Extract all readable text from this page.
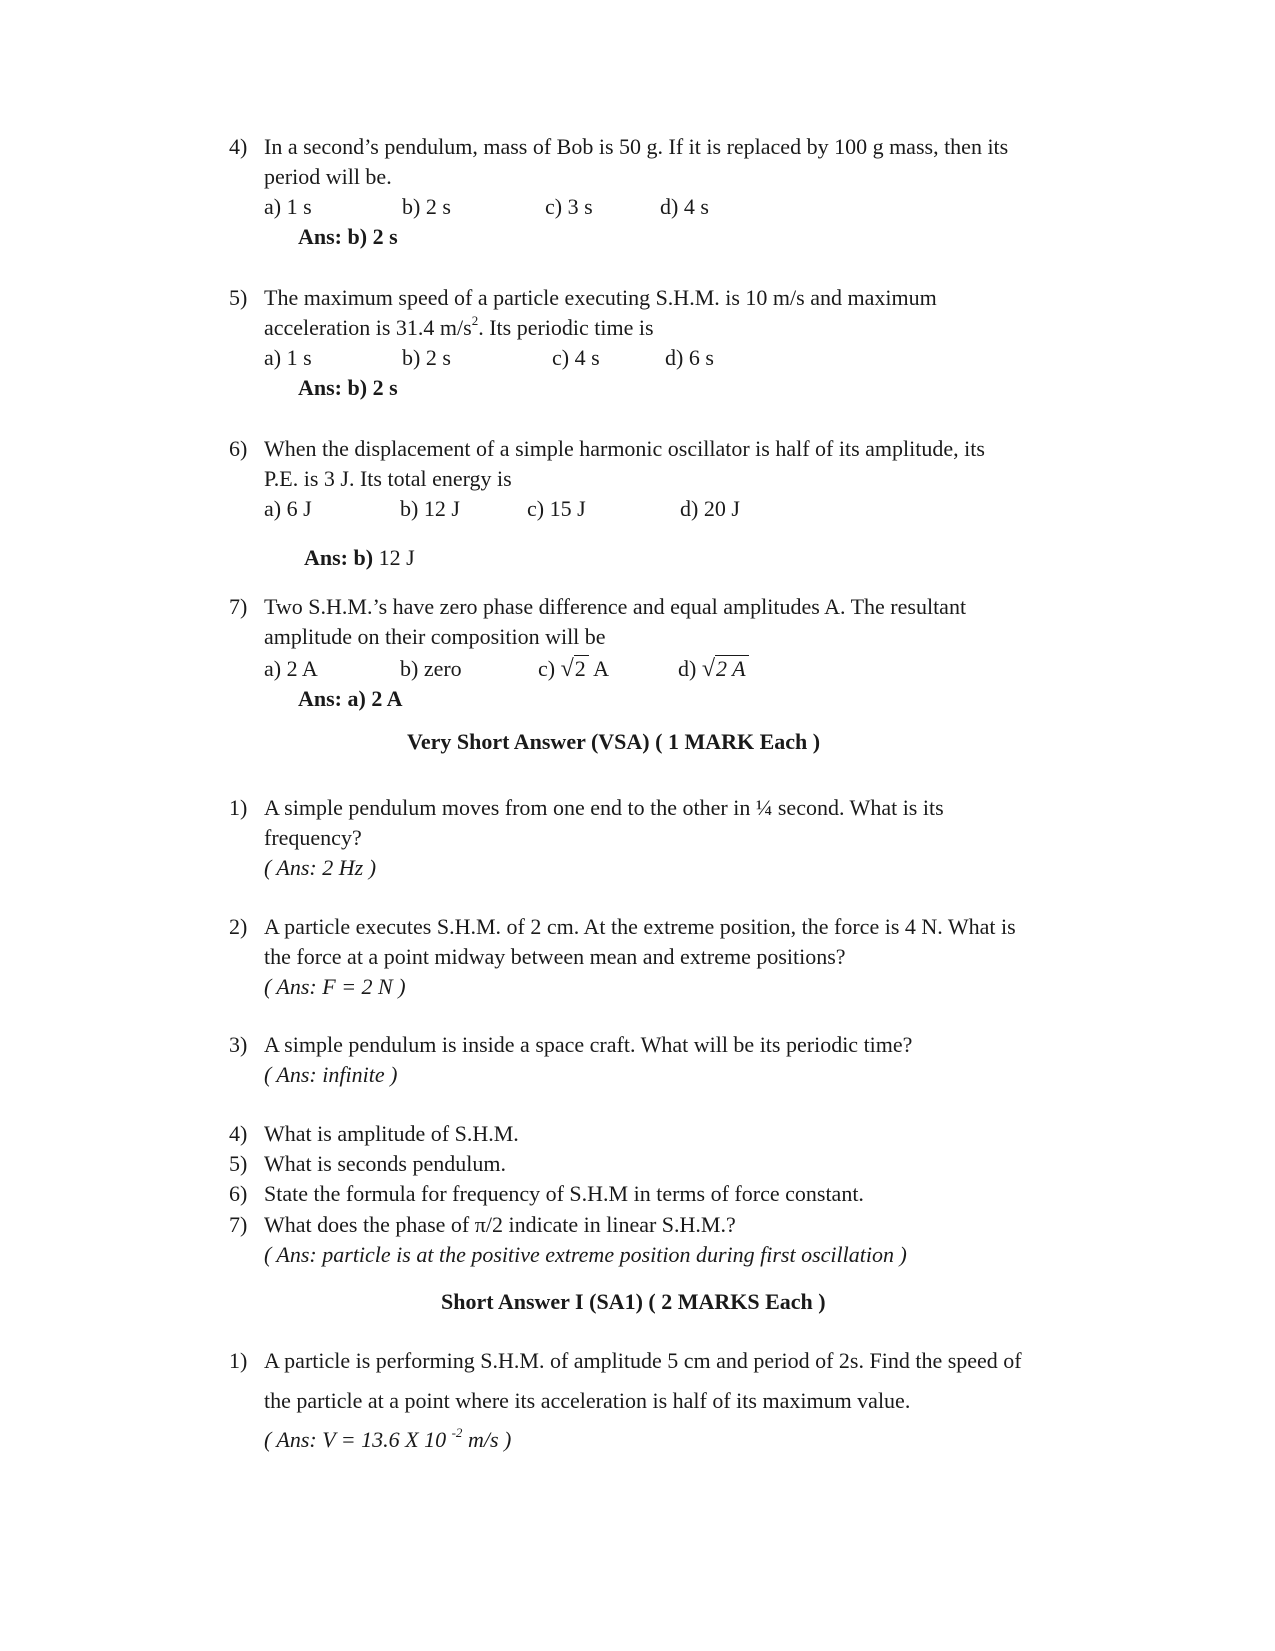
4) In a second’s pendulum, mass of Bob is 50 g. If it is replaced by 100 g mass, then its
period will be.
a) 1 s	b) 2 s	c) 3 s	d) 4 s
Ans: b) 2 s
5) The maximum speed of a particle executing S.H.M. is 10 m/s and maximum
acceleration is 31.4 $m/s^2$. Its periodic time is
a) 1 s	b) 2 s	c) 4 s	d) 6 s
Ans: b) 2 s
6) When the displacement of a simple harmonic oscillator is half of its amplitude, its
P.E. is 3 J. Its total energy is
a) 6 J	b) 12 J	c) 15 J	d) 20 J
Ans: b) 12 J
7) Two S.H.M.’s have zero phase difference and equal amplitudes A. The resultant
amplitude on their composition will be
a) 2 A	b) zero	c) √2 A	d) √2 A
Ans: a) 2 A
Very Short Answer (VSA) ( 1 MARK Each )
1) A simple pendulum moves from one end to the other in ¼ second. What is its
frequency?
( Ans: 2 Hz )
2) A particle executes S.H.M. of 2 cm. At the extreme position, the force is 4 N. What is
the force at a point midway between mean and extreme positions?
( Ans: F = 2 N )
3) A simple pendulum is inside a space craft. What will be its periodic time?
( Ans: infinite )
4) What is amplitude of S.H.M.
5) What is seconds pendulum.
6) State the formula for frequency of S.H.M in terms of force constant.
7) What does the phase of π/2 indicate in linear S.H.M.?
( Ans: particle is at the positive extreme position during first oscillation )
Short Answer I (SA1) ( 2 MARKS Each )
1) A particle is performing S.H.M. of amplitude 5 cm and period of 2s. Find the speed of
the particle at a point where its acceleration is half of its maximum value.
( Ans: V = 13.6 X 10 $^{-2}$ m/s )
